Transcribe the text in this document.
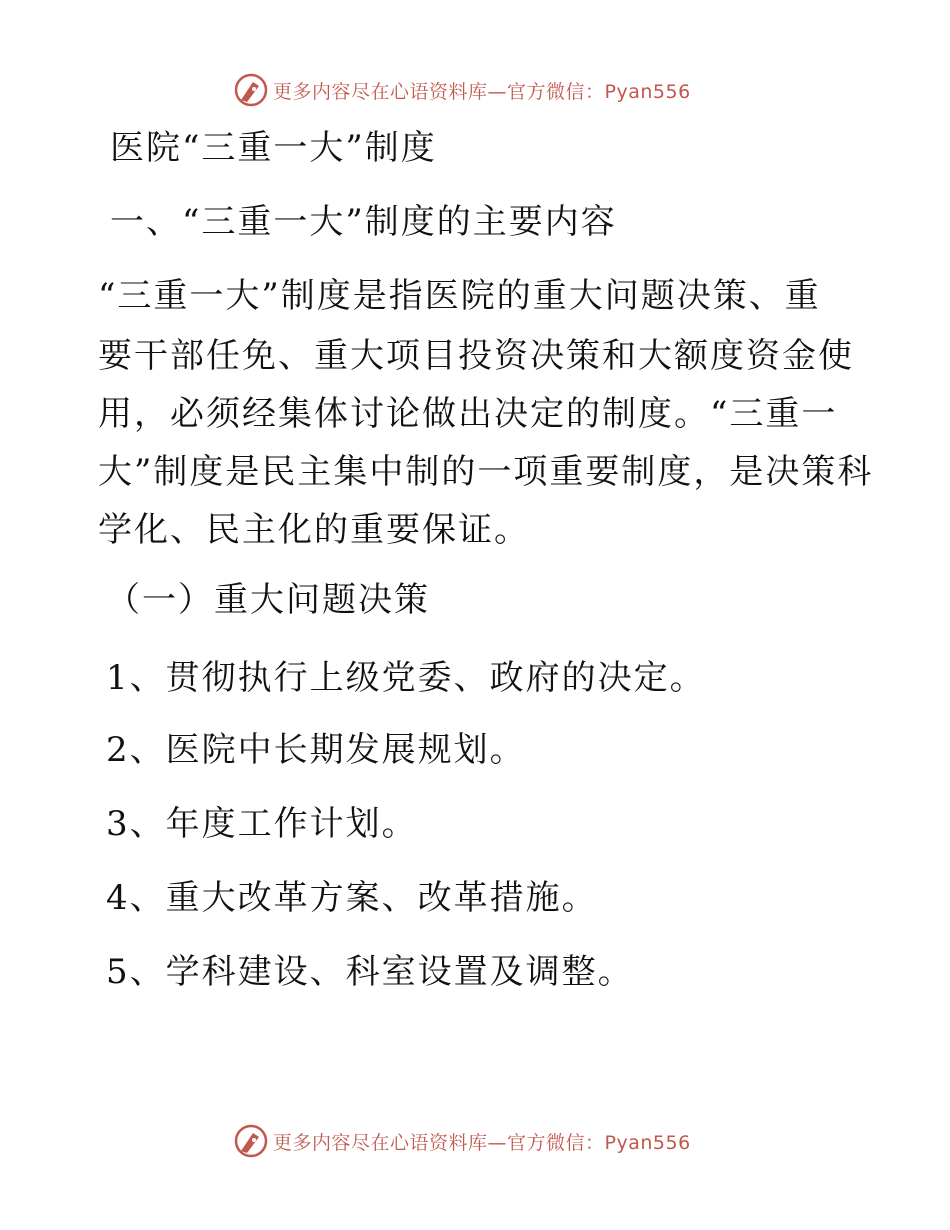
更多内容尽在心语资料库—官方微信：Pyan556
医院“三重一大”制度
一、“三重一大”制度的主要内容
“三重一大”制度是指医院的重大问题决策、重
要干部任免、重大项目投资决策和大额度资金使
用，必须经集体讨论做出决定的制度。“三重一
大”制度是民主集中制的一项重要制度，是决策科
学化、民主化的重要保证。
（一）重大问题决策
1、贯彻执行上级党委、政府的决定。
2、医院中长期发展规划。
3、年度工作计划。
4、重大改革方案、改革措施。
5、学科建设、科室设置及调整。
更多内容尽在心语资料库—官方微信：Pyan556
